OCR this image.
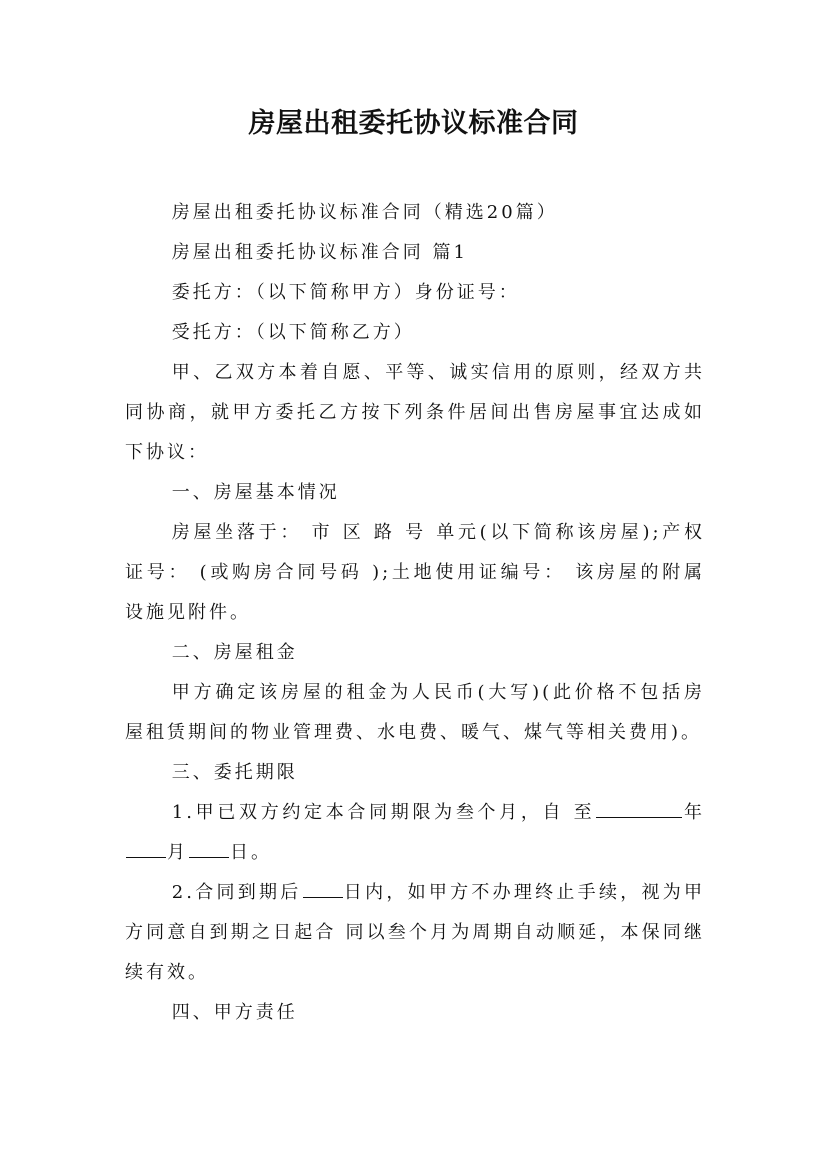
房屋出租委托协议标准合同

房屋出租委托协议标准合同（精选20篇）

房屋出租委托协议标准合同 篇1

委托方：（以下简称甲方）身份证号：

受托方：（以下简称乙方）

甲、乙双方本着自愿、平等、诚实信用的原则，经双方共同协商，就甲方委托乙方按下列条件居间出售房屋事宜达成如下协议：

一、房屋基本情况

房屋坐落于： 市 区 路 号 单元(以下简称该房屋);产权证号： (或购房合同号码 );土地使用证编号： 该房屋的附属设施见附件。

二、房屋租金

甲方确定该房屋的租金为人民币(大写)(此价格不包括房 屋租赁期间的物业管理费、水电费、暖气、煤气等相关费用)。

三、委托期限

1.甲已双方约定本合同期限为叁个月，自 至	年月 日。

2.合同到期后 日内，如甲方不办理终止手续，视为甲方同意自到期之日起合 同以叁个月为周期自动顺延，本保同继续有效。

四、甲方责任
